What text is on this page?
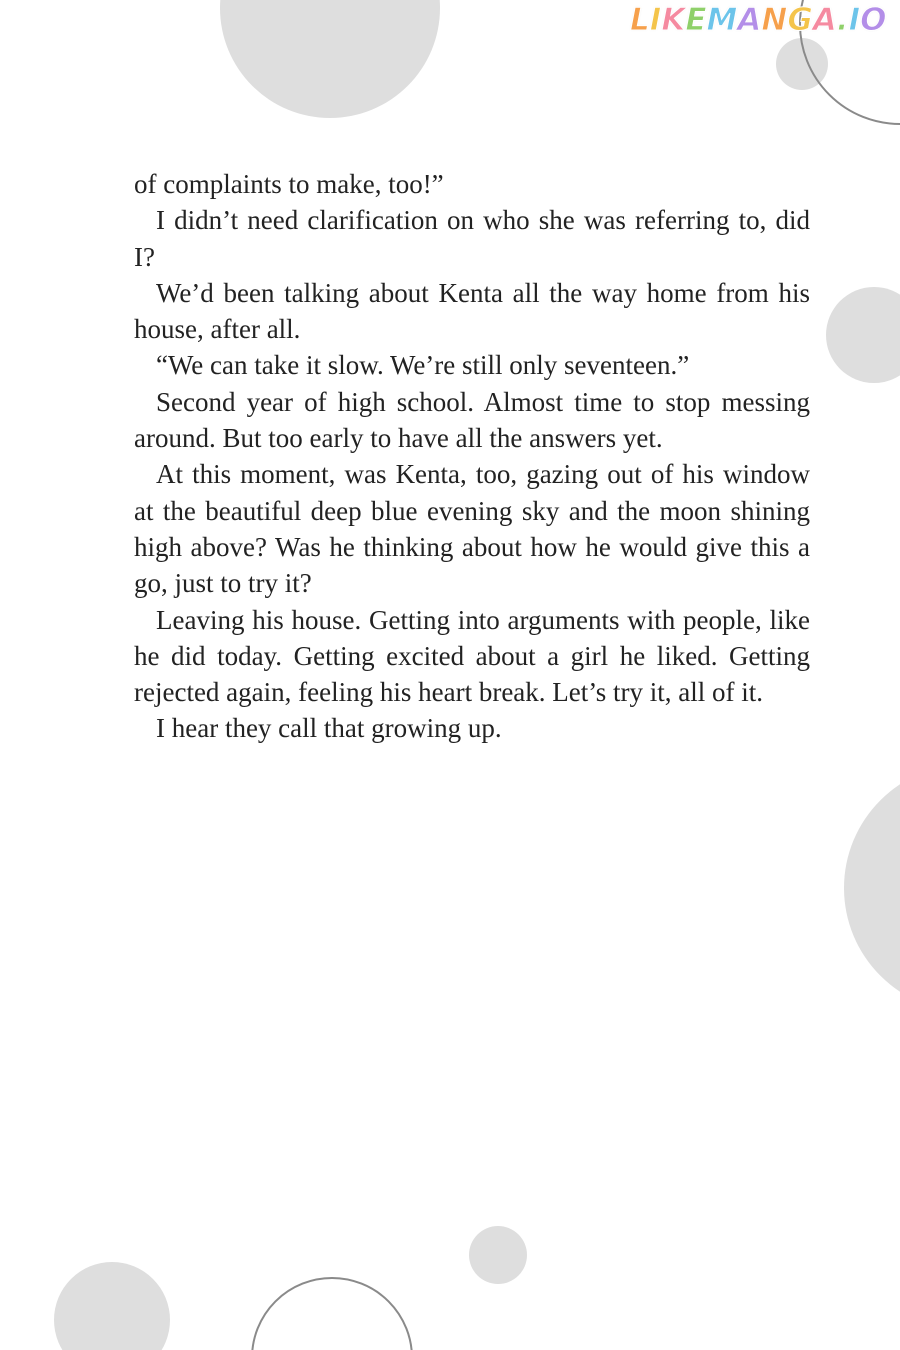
LIKEMANGA.IO

of complaints to make, too!”

I didn’t need clarification on who she was referring to, did I?

We’d been talking about Kenta all the way home from his house, after all.

“We can take it slow. We’re still only seventeen.”

Second year of high school. Almost time to stop messing around. But too early to have all the answers yet.

At this moment, was Kenta, too, gazing out of his window at the beautiful deep blue evening sky and the moon shining high above? Was he thinking about how he would give this a go, just to try it?

Leaving his house. Getting into arguments with people, like he did today. Getting excited about a girl he liked. Getting rejected again, feeling his heart break. Let’s try it, all of it.

I hear they call that growing up.
